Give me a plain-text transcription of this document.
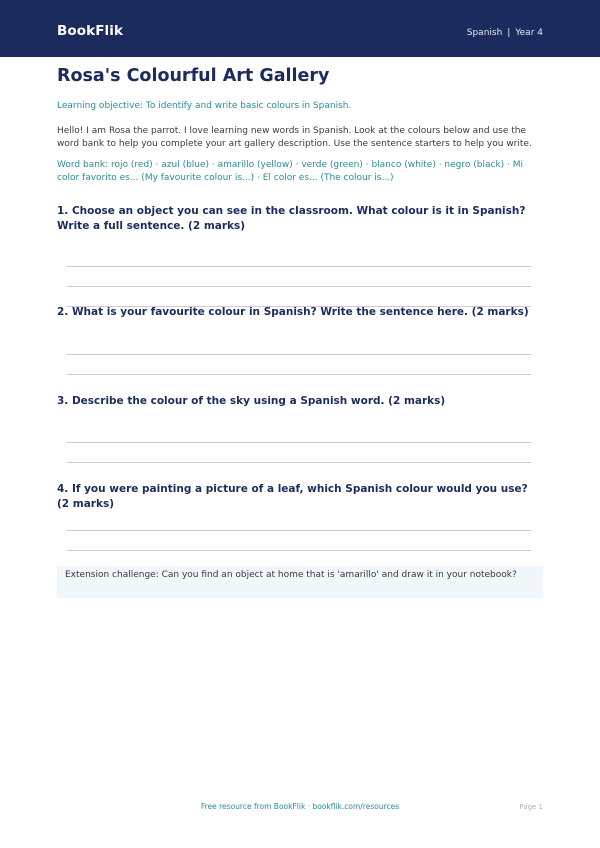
BookFlik	Spanish | Year 4
Rosa's Colourful Art Gallery
Learning objective: To identify and write basic colours in Spanish.
Hello! I am Rosa the parrot. I love learning new words in Spanish. Look at the colours below and use the word bank to help you complete your art gallery description. Use the sentence starters to help you write.
Word bank: rojo (red) · azul (blue) · amarillo (yellow) · verde (green) · blanco (white) · negro (black) · Mi color favorito es... (My favourite colour is...) · El color es... (The colour is...)
1. Choose an object you can see in the classroom. What colour is it in Spanish? Write a full sentence. (2 marks)
2. What is your favourite colour in Spanish? Write the sentence here. (2 marks)
3. Describe the colour of the sky using a Spanish word. (2 marks)
4. If you were painting a picture of a leaf, which Spanish colour would you use? (2 marks)
Extension challenge: Can you find an object at home that is 'amarillo' and draw it in your notebook?
Free resource from BookFlik · bookflik.com/resources	Page 1
